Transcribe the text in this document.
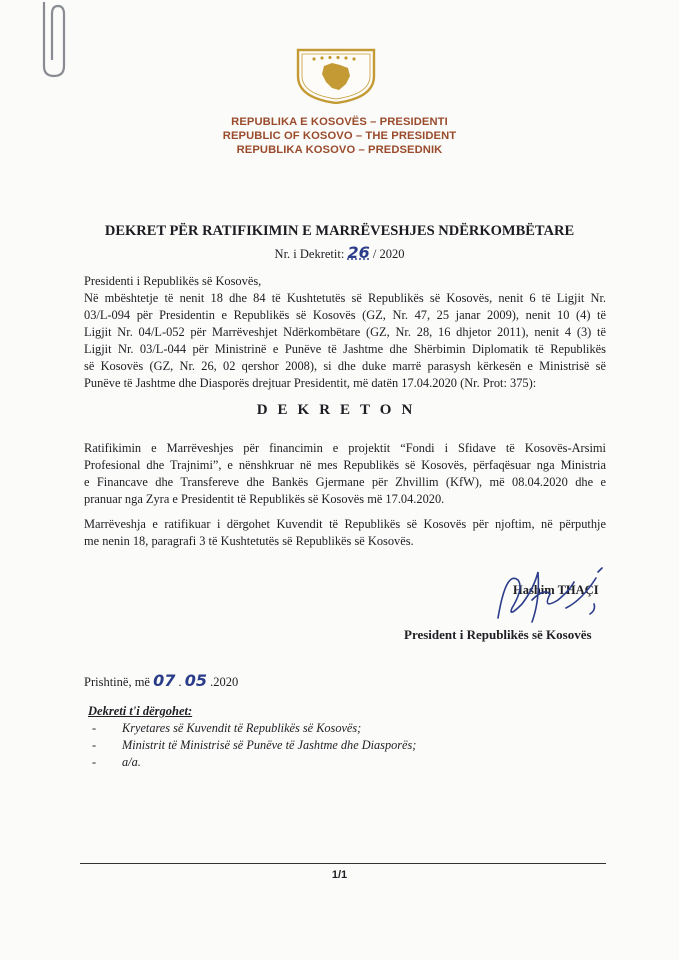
REPUBLIKA E KOSOVËS – PRESIDENTI
REPUBLIC OF KOSOVO – THE PRESIDENT
REPUBLIKA KOSOVO – PREDSEDNIK
DEKRET PËR RATIFIKIMIN E MARRËVESHJES NDËRKOMBËTARE
Nr. i Dekretit: 26 / 2020
Presidenti i Republikës së Kosovës,
Në mbështetje të nenit 18 dhe 84 të Kushtetutës së Republikës së Kosovës, nenit 6 të Ligjit Nr.
03/L-094 për Presidentin e Republikës së Kosovës (GZ, Nr. 47, 25 janar 2009), nenit 10 (4) të
Ligjit Nr. 04/L-052 për Marrëveshjet Ndërkombëtare (GZ, Nr. 28, 16 dhjetor 2011), nenit 4 (3) të
Ligjit Nr. 03/L-044 për Ministrinë e Punëve të Jashtme dhe Shërbimin Diplomatik të Republikës
së Kosovës (GZ, Nr. 26, 02 qershor 2008), si dhe duke marrë parasysh kërkesën e Ministrisë së
Punëve të Jashtme dhe Diasporës drejtuar Presidentit, më datën 17.04.2020 (Nr. Prot: 375):
DEKRETON
Ratifikimin e Marrëveshjes për financimin e projektit “Fondi i Sfidave të Kosovës-Arsimi
Profesional dhe Trajnimi”, e nënshkruar në mes Republikës së Kosovës, përfaqësuar nga Ministria
e Financave dhe Transfereve dhe Bankës Gjermane për Zhvillim (KfW), më 08.04.2020 dhe e
pranuar nga Zyra e Presidentit të Republikës së Kosovës më 17.04.2020.
Marrëveshja e ratifikuar i dërgohet Kuvendit të Republikës së Kosovës për njoftim, në përputhje
me nenin 18, paragrafi 3 të Kushtetutës së Republikës së Kosovës.
Hashim THAÇI
President i Republikës së Kosovës
Prishtinë, më 07 . 05 .2020
Dekreti t'i dërgohet:
-	Kryetares së Kuvendit të Republikës së Kosovës;
-	Ministrit të Ministrisë së Punëve të Jashtme dhe Diasporës;
-	a/a.
1/1
